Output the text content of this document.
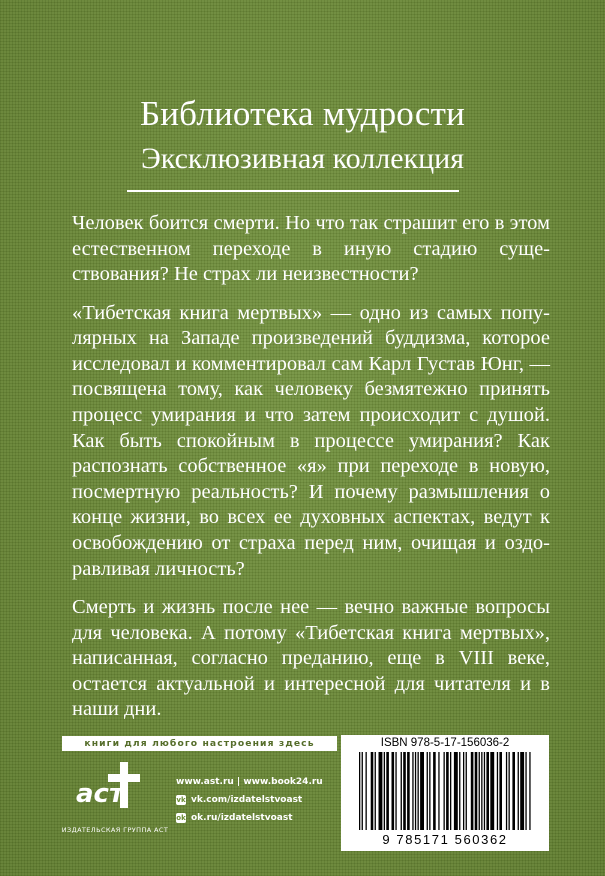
Библиотека мудрости
Эксклюзивная коллекция

Человек боится смерти. Но что так страшит его в этом естественном переходе в иную стадию существования? Не страх ли неизвестности?

«Тибетская книга мертвых» — одно из самых популярных на Западе произведений буддизма, которое исследовал и комментировал сам Карл Густав Юнг, — посвящена тому, как человеку безмятежно принять процесс умирания и что затем происходит с душой. Как быть спокойным в процессе умирания? Как распознать собственное «я» при переходе в новую, посмертную реальность? И почему размышления о конце жизни, во всех ее духовных аспектах, ведут к освобождению от страха перед ним, очищая и оздоравливая личность?

Смерть и жизнь после нее — вечно важные вопросы для человека. А потому «Тибетская книга мертвых», написанная, согласно преданию, еще в VIII веке, остается актуальной и интересной для читателя и в наши дни.

книги для любого настроения здесь
aст
ИЗДАТЕЛЬСКАЯ ГРУППА АСТ
www.ast.ru | www.book24.ru
vk vk.com/izdatelstvoast
ok ok.ru/izdatelstvoast
ISBN 978-5-17-156036-2
9 785171 560362
